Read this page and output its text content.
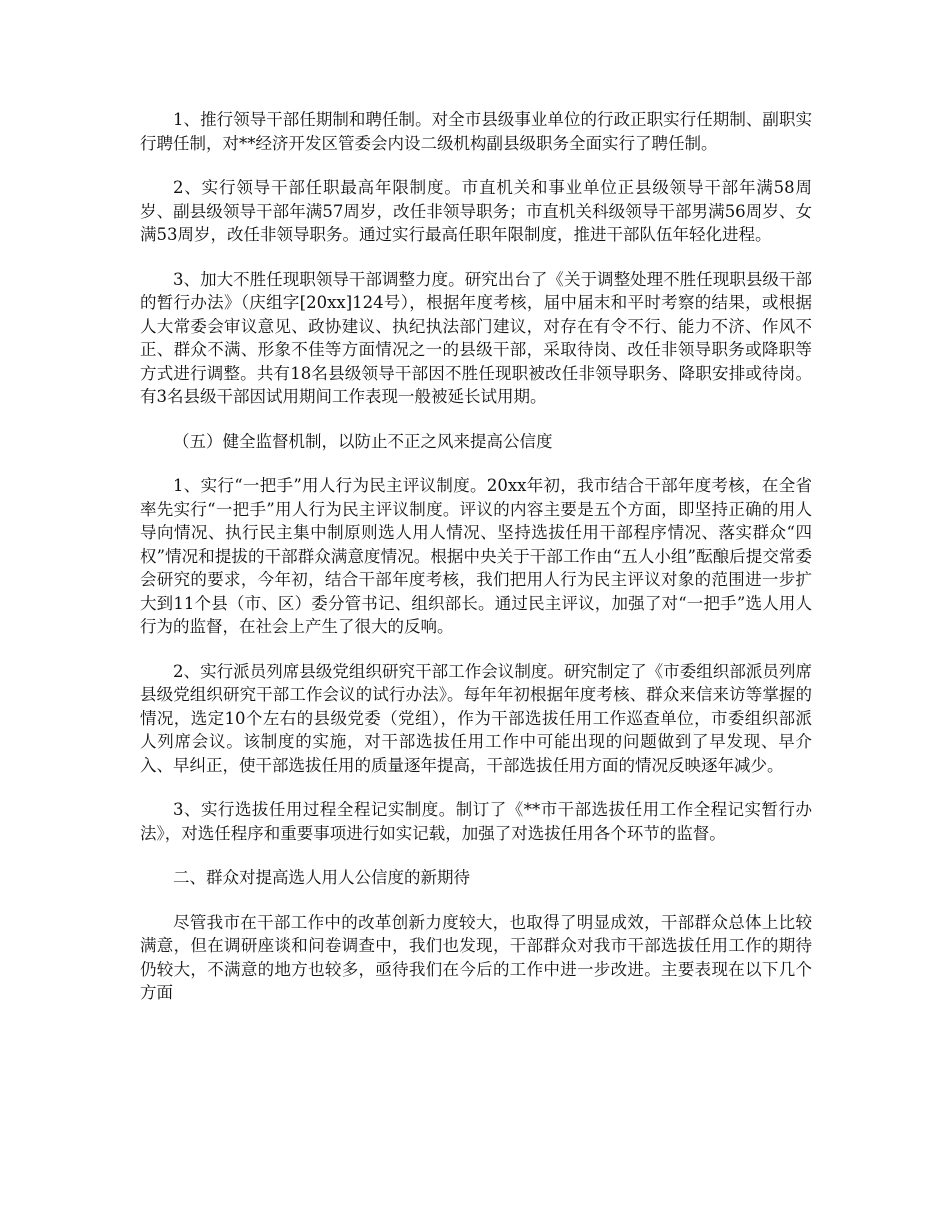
1、推行领导干部任期制和聘任制。对全市县级事业单位的行政正职实行任期制、副职实行聘任制，对**经济开发区管委会内设二级机构副县级职务全面实行了聘任制。

2、实行领导干部任职最高年限制度。市直机关和事业单位正县级领导干部年满58周岁、副县级领导干部年满57周岁，改任非领导职务；市直机关科级领导干部男满56周岁、女满53周岁，改任非领导职务。通过实行最高任职年限制度，推进干部队伍年轻化进程。

3、加大不胜任现职领导干部调整力度。研究出台了《关于调整处理不胜任现职县级干部的暂行办法》（庆组字[20xx]124号），根据年度考核，届中届末和平时考察的结果，或根据人大常委会审议意见、政协建议、执纪执法部门建议，对存在有令不行、能力不济、作风不正、群众不满、形象不佳等方面情况之一的县级干部，采取待岗、改任非领导职务或降职等方式进行调整。共有18名县级领导干部因不胜任现职被改任非领导职务、降职安排或待岗。有3名县级干部因试用期间工作表现一般被延长试用期。

（五）健全监督机制，以防止不正之风来提高公信度

1、实行“一把手”用人行为民主评议制度。20xx年初，我市结合干部年度考核，在全省率先实行“一把手”用人行为民主评议制度。评议的内容主要是五个方面，即坚持正确的用人导向情况、执行民主集中制原则选人用人情况、坚持选拔任用干部程序情况、落实群众“四权”情况和提拔的干部群众满意度情况。根据中央关于干部工作由“五人小组”酝酿后提交常委会研究的要求，今年初，结合干部年度考核，我们把用人行为民主评议对象的范围进一步扩大到11个县（市、区）委分管书记、组织部长。通过民主评议，加强了对“一把手”选人用人行为的监督，在社会上产生了很大的反响。

2、实行派员列席县级党组织研究干部工作会议制度。研究制定了《市委组织部派员列席县级党组织研究干部工作会议的试行办法》。每年年初根据年度考核、群众来信来访等掌握的情况，选定10个左右的县级党委（党组），作为干部选拔任用工作巡查单位，市委组织部派人列席会议。该制度的实施，对干部选拔任用工作中可能出现的问题做到了早发现、早介入、早纠正，使干部选拔任用的质量逐年提高，干部选拔任用方面的情况反映逐年减少。

3、实行选拔任用过程全程记实制度。制订了《**市干部选拔任用工作全程记实暂行办法》，对选任程序和重要事项进行如实记载，加强了对选拔任用各个环节的监督。

二、群众对提高选人用人公信度的新期待

尽管我市在干部工作中的改革创新力度较大，也取得了明显成效，干部群众总体上比较满意，但在调研座谈和问卷调查中，我们也发现，干部群众对我市干部选拔任用工作的期待仍较大，不满意的地方也较多，亟待我们在今后的工作中进一步改进。主要表现在以下几个方面
